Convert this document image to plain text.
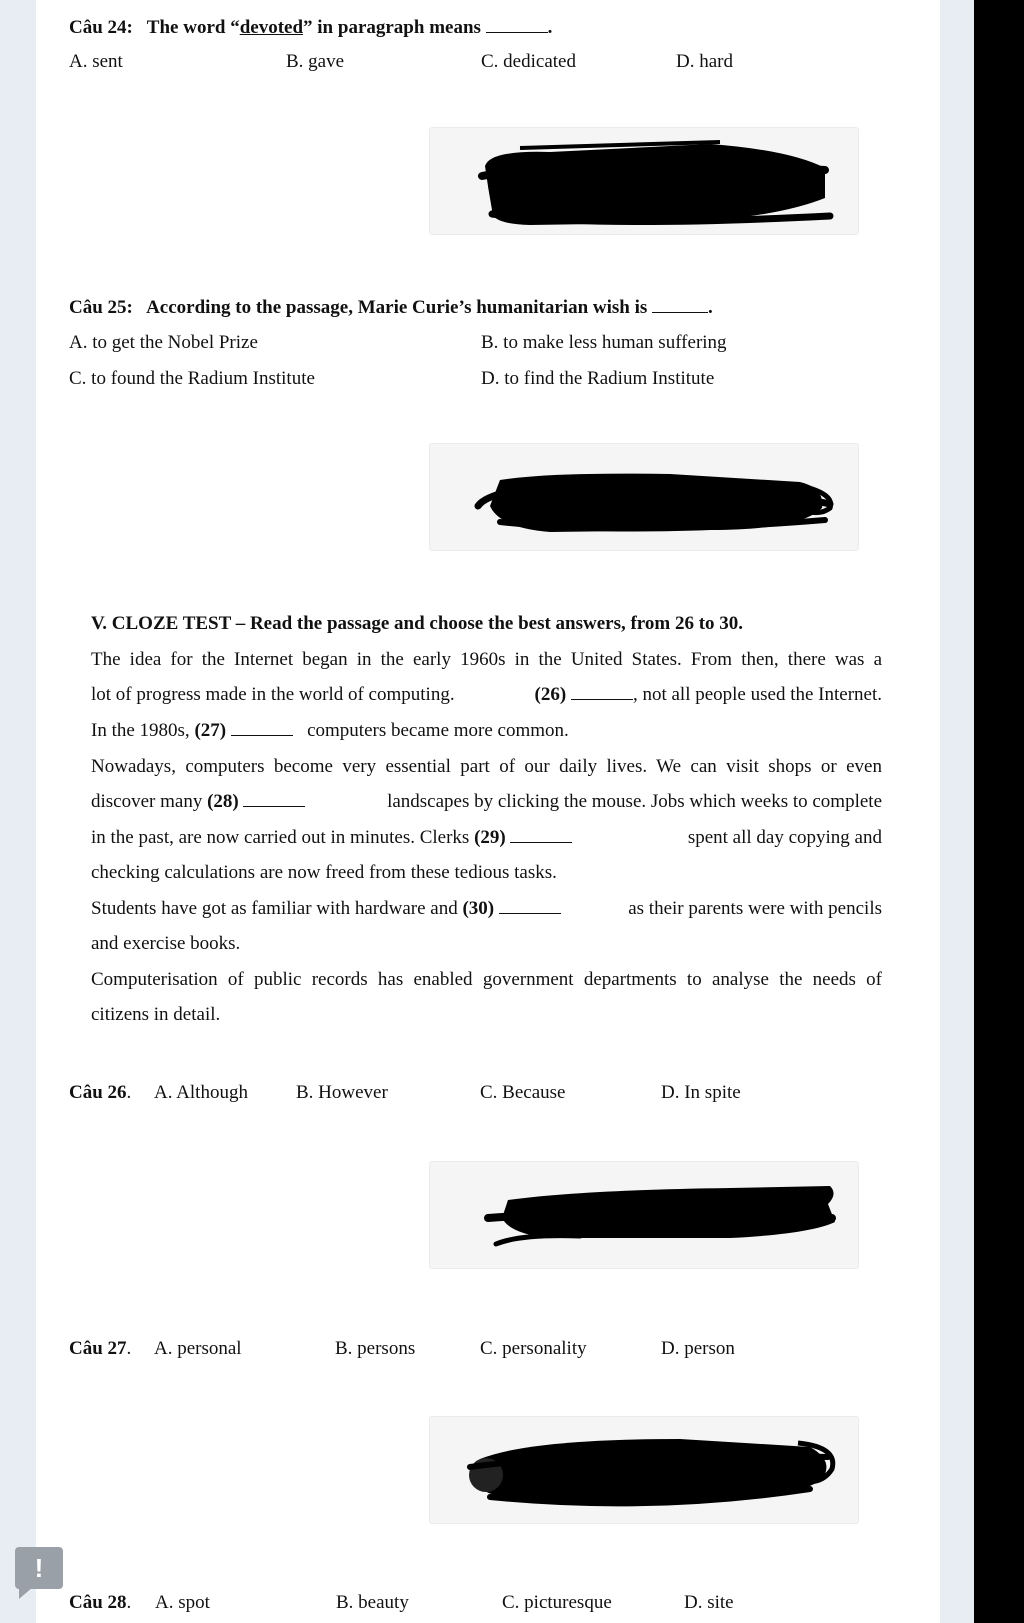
Câu 24: The word “devoted” in paragraph means	.
A. sent	B. gave	C. dedicated	D. hard
Câu 25: According to the passage, Marie Curie’s humanitarian wish is	.
A. to get the Nobel Prize	B. to make less human suffering
C. to found the Radium Institute	D. to find the Radium Institute
V. CLOZE TEST – Read the passage and choose the best answers, from 26 to 30.
The idea for the Internet began in the early 1960s in the United States. From then, there was a
lot of progress made in the world of computing.	(26)	, not all people used the Internet.
In the 1980s, (27)	computers became more common.
Nowadays, computers become very essential part of our daily lives. We can visit shops or even
discover many (28)	landscapes by clicking the mouse. Jobs which weeks to complete
in the past, are now carried out in minutes. Clerks (29)	spent all day copying and
checking calculations are now freed from these tedious tasks.
Students have got as familiar with hardware and (30)	as their parents were with pencils
and exercise books.
Computerisation of public records has enabled government departments to analyse the needs of
citizens in detail.
Câu 26. A. Although	B. However	C. Because	D. In spite
Câu 27. A. personal	B. persons	C. personality	D. person
Câu 28. A. spot	B. beauty	C. picturesque	D. site
!
